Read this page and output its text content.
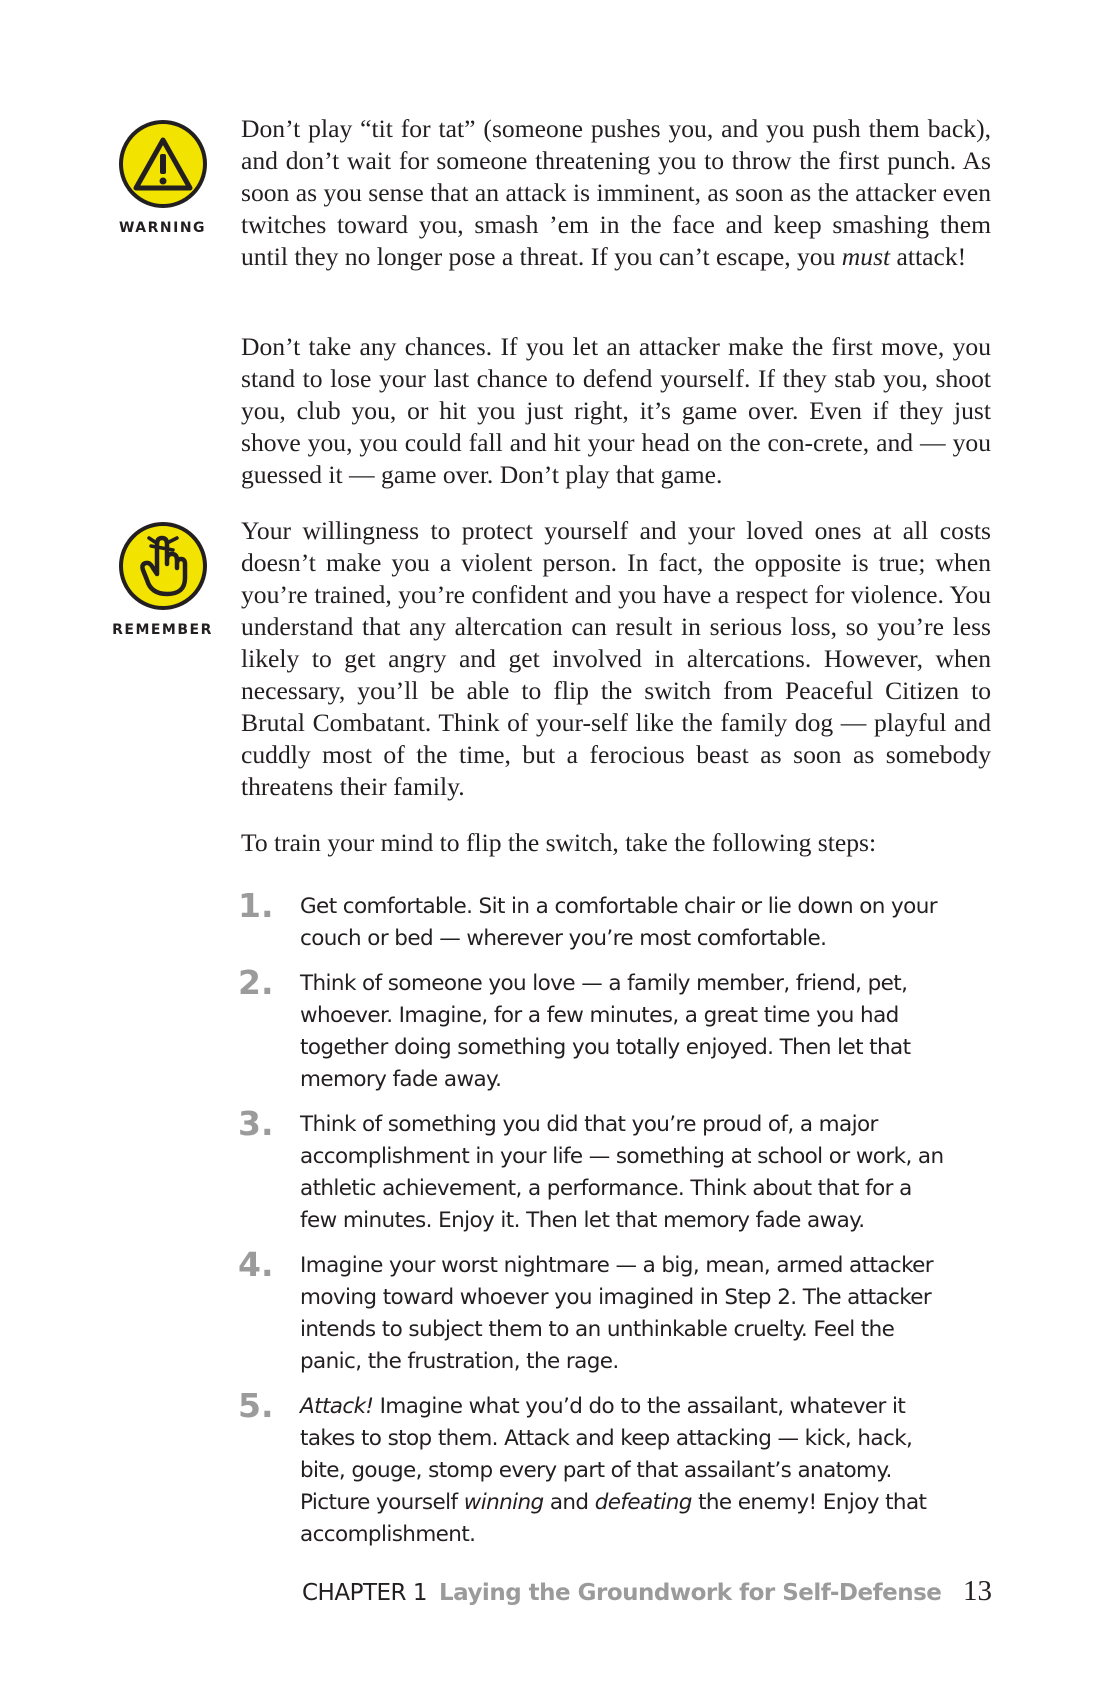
WARNING

Don’t play “tit for tat” (someone pushes you, and you push them back), and don’t wait for someone threatening you to throw the first punch. As soon as you sense that an attack is imminent, as soon as the attacker even twitches toward you, smash ’em in the face and keep smashing them until they no longer pose a threat. If you can’t escape, you must attack!

Don’t take any chances. If you let an attacker make the first move, you stand to lose your last chance to defend yourself. If they stab you, shoot you, club you, or hit you just right, it’s game over. Even if they just shove you, you could fall and hit your head on the con-crete, and — you guessed it — game over. Don’t play that game.

REMEMBER

Your willingness to protect yourself and your loved ones at all costs doesn’t make you a violent person. In fact, the opposite is true; when you’re trained, you’re confident and you have a respect for violence. You understand that any altercation can result in serious loss, so you’re less likely to get angry and get involved in altercations. However, when necessary, you’ll be able to flip the switch from Peaceful Citizen to Brutal Combatant. Think of your-self like the family dog — playful and cuddly most of the time, but a ferocious beast as soon as somebody threatens their family.

To train your mind to flip the switch, take the following steps:

1.	Get comfortable. Sit in a comfortable chair or lie down on your couch or bed — wherever you’re most comfortable.
2.	Think of someone you love — a family member, friend, pet, whoever. Imagine, for a few minutes, a great time you had together doing something you totally enjoyed. Then let that memory fade away.
3.	Think of something you did that you’re proud of, a major accomplishment in your life — something at school or work, an athletic achievement, a performance. Think about that for a few minutes. Enjoy it. Then let that memory fade away.
4.	Imagine your worst nightmare — a big, mean, armed attacker moving toward whoever you imagined in Step 2. The attacker intends to subject them to an unthinkable cruelty. Feel the panic, the frustration, the rage.
5.	Attack! Imagine what you’d do to the assailant, whatever it takes to stop them. Attack and keep attacking — kick, hack, bite, gouge, stomp every part of that assailant’s anatomy. Picture yourself winning and defeating the enemy! Enjoy that accomplishment.
CHAPTER 1 Laying the Groundwork for Self-Defense 13
